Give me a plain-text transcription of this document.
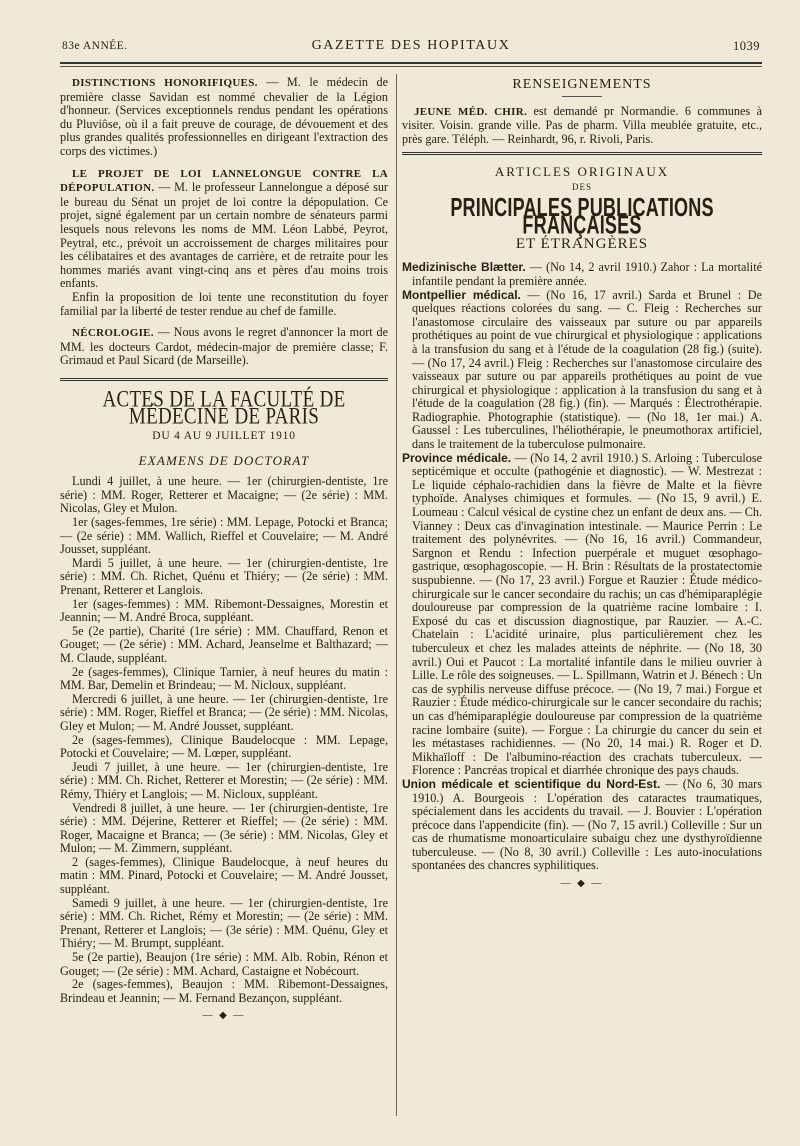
83e ANNÉE.	GAZETTE DES HOPITAUX	1039

DISTINCTIONS HONORIFIQUES. — M. le médecin de première classe Savidan est nommé chevalier de la Légion d'honneur. (Services exceptionnels rendus pendant les opérations du Pluviôse, où il a fait preuve de courage, de dévouement et des plus grandes qualités professionnelles en dirigeant l'extraction des corps des victimes.)

LE PROJET DE LOI LANNELONGUE CONTRE LA DÉPOPULATION. — M. le professeur Lannelongue a déposé sur le bureau du Sénat un projet de loi contre la dépopulation. Ce projet, signé également par un certain nombre de sénateurs parmi lesquels nous relevons les noms de MM. Léon Labbé, Peyrot, Peytral, etc., prévoit un accroissement de charges militaires pour les célibataires et des avantages de carrière, et de retraite pour les hommes mariés avant vingt-cinq ans et pères d'au moins trois enfants.

Enfin la proposition de loi tente une reconstitution du foyer familial par la liberté de tester rendue au chef de famille.

NÉCROLOGIE. — Nous avons le regret d'annoncer la mort de MM. les docteurs Cardot, médecin-major de première classe; F. Grimaud et Paul Sicard (de Marseille).

ACTES DE LA FACULTÉ DE MÉDECINE DE PARIS
DU 4 AU 9 JUILLET 1910
EXAMENS DE DOCTORAT

Lundi 4 juillet, à une heure. — 1er (chirurgien-dentiste, 1re série) : MM. Roger, Retterer et Macaigne; — (2e série) : MM. Nicolas, Gley et Mulon.

1er (sages-femmes, 1re série) : MM. Lepage, Potocki et Branca; — (2e série) : MM. Wallich, Rieffel et Couvelaire; — M. André Jousset, suppléant.

Mardi 5 juillet, à une heure. — 1er (chirurgien-dentiste, 1re série) : MM. Ch. Richet, Quénu et Thiéry; — (2e série) : MM. Prenant, Retterer et Langlois.

1er (sages-femmes) : MM. Ribemont-Dessaignes, Morestin et Jeannin; — M. André Broca, suppléant.

5e (2e partie), Charité (1re série) : MM. Chauffard, Renon et Gouget; — (2e série) : MM. Achard, Jeanselme et Balthazard; — M. Claude, suppléant.

2e (sages-femmes), Clinique Tarnier, à neuf heures du matin : MM. Bar, Demelin et Brindeau; — M. Nicloux, suppléant.

Mercredi 6 juillet, à une heure. — 1er (chirurgien-dentiste, 1re série) : MM. Roger, Rieffel et Branca; — (2e série) : MM. Nicolas, Gley et Mulon; — M. André Jousset, suppléant.

2e (sages-femmes), Clinique Baudelocque : MM. Lepage, Potocki et Couvelaire; — M. Lœper, suppléant.

Jeudi 7 juillet, à une heure. — 1er (chirurgien-dentiste, 1re série) : MM. Ch. Richet, Retterer et Morestin; — (2e série) : MM. Rémy, Thiéry et Langlois; — M. Nicloux, suppléant.

Vendredi 8 juillet, à une heure. — 1er (chirurgien-dentiste, 1re série) : MM. Déjerine, Retterer et Rieffel; — (2e série) : MM. Roger, Macaigne et Branca; — (3e série) : MM. Nicolas, Gley et Mulon; — M. Zimmern, suppléant.

2 (sages-femmes), Clinique Baudelocque, à neuf heures du matin : MM. Pinard, Potocki et Couvelaire; — M. André Jousset, suppléant.

Samedi 9 juillet, à une heure. — 1er (chirurgien-dentiste, 1re série) : MM. Ch. Richet, Rémy et Morestin; — (2e série) : MM. Prenant, Retterer et Langlois; — (3e série) : MM. Quénu, Gley et Thiéry; — M. Brumpt, suppléant.

5e (2e partie), Beaujon (1re série) : MM. Alb. Robin, Rénon et Gouget; — (2e série) : MM. Achard, Castaigne et Nobécourt.

2e (sages-femmes), Beaujon : MM. Ribemont-Dessaignes, Brindeau et Jeannin; — M. Fernand Bezançon, suppléant.

— ◆ —
RENSEIGNEMENTS

JEUNE MÉD. CHIR. est demandé pr Normandie. 6 communes à visiter. Voisin. grande ville. Pas de pharm. Villa meublée gratuite, etc., près gare. Téléph. — Reinhardt, 96, r. Rivoli, Paris.

ARTICLES ORIGINAUX
DES
PRINCIPALES PUBLICATIONS FRANÇAISES
ET ÉTRANGÈRES

Medizinische Blætter. — (No 14, 2 avril 1910.) Zahor : La mortalité infantile pendant la première année.

Montpellier médical. — (No 16, 17 avril.) Sarda et Brunel : De quelques réactions colorées du sang. — C. Fleig : Recherches sur l'anastomose circulaire des vaisseaux par suture ou par appareils prothétiques au point de vue chirurgical et physiologique : applications à la transfusion du sang et à l'étude de la coagulation (28 fig.) (suite). — (No 17, 24 avril.) Fleig : Recherches sur l'anastomose circulaire des vaisseaux par suture ou par appareils prothétiques au point de vue chirurgical et physiologique : application à la transfusion du sang et à l'étude de la coagulation (28 fig.) (fin). — Marqués : Électrothérapie. Radiographie. Photographie (statistique). — (No 18, 1er mai.) A. Gaussel : Les tuberculines, l'héliothérapie, le pneumothorax artificiel, dans le traitement de la tuberculose pulmonaire.

Province médicale. — (No 14, 2 avril 1910.) S. Arloing : Tuberculose septicémique et occulte (pathogénie et diagnostic). — W. Mestrezat : Le liquide céphalo-rachidien dans la fièvre de Malte et la fièvre typhoïde. Analyses chimiques et formules. — (No 15, 9 avril.) E. Loumeau : Calcul vésical de cystine chez un enfant de deux ans. — Ch. Vianney : Deux cas d'invagination intestinale. — Maurice Perrin : Le traitement des polynévrites. — (No 16, 16 avril.) Commandeur, Sargnon et Rendu : Infection puerpérale et muguet œsophago-gastrique, œsophagoscopie. — H. Brin : Résultats de la prostatectomie suspubienne. — (No 17, 23 avril.) Forgue et Rauzier : Étude médico-chirurgicale sur le cancer secondaire du rachis; un cas d'hémiparaplégie douloureuse par compression de la quatrième racine lombaire : I. Exposé du cas et discussion diagnostique, par Rauzier. — A.-C. Chatelain : L'acidité urinaire, plus particulièrement chez les tuberculeux et chez les malades atteints de néphrite. — (No 18, 30 avril.) Oui et Paucot : La mortalité infantile dans le milieu ouvrier à Lille. Le rôle des soigneuses. — L. Spillmann, Watrin et J. Bénech : Un cas de syphilis nerveuse diffuse précoce. — (No 19, 7 mai.) Forgue et Rauzier : Étude médico-chirurgicale sur le cancer secondaire du rachis; un cas d'hémiparaplégie douloureuse par compression de la quatrième racine lombaire (suite). — Forgue : La chirurgie du cancer du sein et les métastases rachidiennes. — (No 20, 14 mai.) R. Roger et D. Mikhaïloff : De l'albumino-réaction des crachats tuberculeux. — Florence : Pancréas tropical et diarrhée chronique des pays chauds.

Union médicale et scientifique du Nord-Est. — (No 6, 30 mars 1910.) A. Bourgeois : L'opération des cataractes traumatiques, spécialement dans les accidents du travail. — J. Bouvier : L'opération précoce dans l'appendicite (fin). — (No 7, 15 avril.) Colleville : Sur un cas de rhumatisme monoarticulaire subaigu chez une dysthyroïdienne tuberculeuse. — (No 8, 30 avril.) Colleville : Les auto-inoculations spontanées des chancres syphilitiques.

— ◆ —
